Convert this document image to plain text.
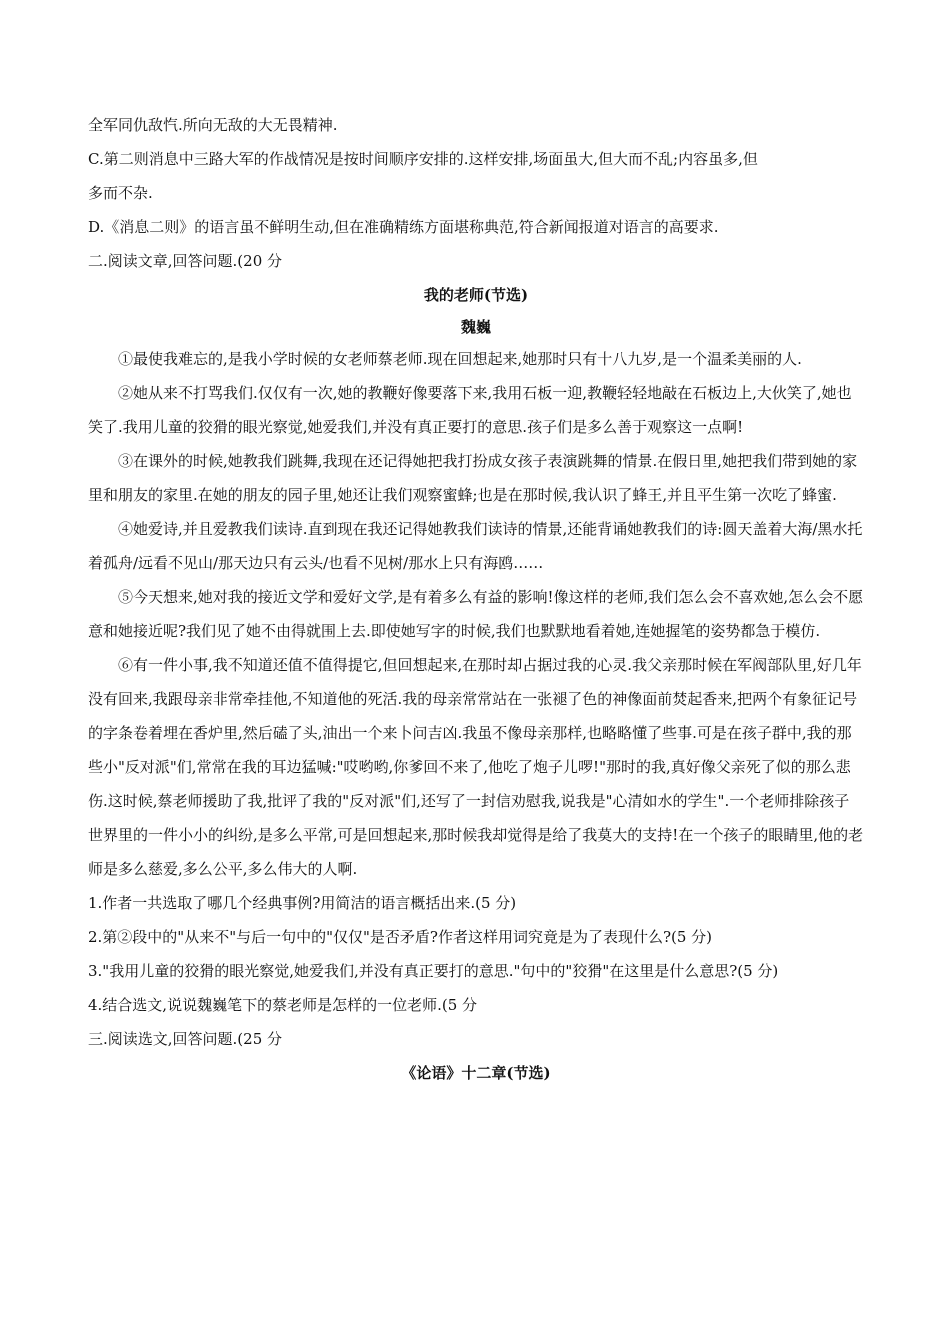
全军同仇敌忾.所向无敌的大无畏精神.

C.第二则消息中三路大军的作战情况是按时间顺序安排的.这样安排,场面虽大,但大而不乱;内容虽多,但

多而不杂.

D.《消息二则》的语言虽不鲜明生动,但在准确精练方面堪称典范,符合新闻报道对语言的高要求.

二.阅读文章,回答问题.(20 分

我的老师(节选)

魏巍

①最使我难忘的,是我小学时候的女老师蔡老师.现在回想起来,她那时只有十八九岁,是一个温柔美丽的人.

②她从来不打骂我们.仅仅有一次,她的教鞭好像要落下来,我用石板一迎,教鞭轻轻地敲在石板边上,大伙笑了,她也笑了.我用儿童的狡猾的眼光察觉,她爱我们,并没有真正要打的意思.孩子们是多么善于观察这一点啊!

③在课外的时候,她教我们跳舞,我现在还记得她把我打扮成女孩子表演跳舞的情景.在假日里,她把我们带到她的家里和朋友的家里.在她的朋友的园子里,她还让我们观察蜜蜂;也是在那时候,我认识了蜂王,并且平生第一次吃了蜂蜜.

④她爱诗,并且爱教我们读诗.直到现在我还记得她教我们读诗的情景,还能背诵她教我们的诗:圆天盖着大海/黑水托着孤舟/远看不见山/那天边只有云头/也看不见树/那水上只有海鸥……

⑤今天想来,她对我的接近文学和爱好文学,是有着多么有益的影响!像这样的老师,我们怎么会不喜欢她,怎么会不愿意和她接近呢?我们见了她不由得就围上去.即使她写字的时候,我们也默默地看着她,连她握笔的姿势都急于模仿.

⑥有一件小事,我不知道还值不值得提它,但回想起来,在那时却占据过我的心灵.我父亲那时候在军阀部队里,好几年没有回来,我跟母亲非常牵挂他,不知道他的死活.我的母亲常常站在一张褪了色的神像面前焚起香来,把两个有象征记号的字条卷着埋在香炉里,然后磕了头,油出一个来卜问吉凶.我虽不像母亲那样,也略略懂了些事.可是在孩子群中,我的那些小"反对派"们,常常在我的耳边猛喊:"哎哟哟,你爹回不来了,他吃了炮子儿啰!"那时的我,真好像父亲死了似的那么悲伤.这时候,蔡老师援助了我,批评了我的"反对派"们,还写了一封信劝慰我,说我是"心清如水的学生".一个老师排除孩子世界里的一件小小的纠纷,是多么平常,可是回想起来,那时候我却觉得是给了我莫大的支持!在一个孩子的眼睛里,他的老师是多么慈爱,多么公平,多么伟大的人啊.

1.作者一共选取了哪几个经典事例?用简洁的语言概括出来.(5 分)

2.第②段中的"从来不"与后一句中的"仅仅"是否矛盾?作者这样用词究竟是为了表现什么?(5 分)

3."我用儿童的狡猾的眼光察觉,她爱我们,并没有真正要打的意思."句中的"狡猾"在这里是什么意思?(5 分)

4.结合选文,说说魏巍笔下的蔡老师是怎样的一位老师.(5 分

三.阅读选文,回答问题.(25 分

《论语》十二章(节选)
